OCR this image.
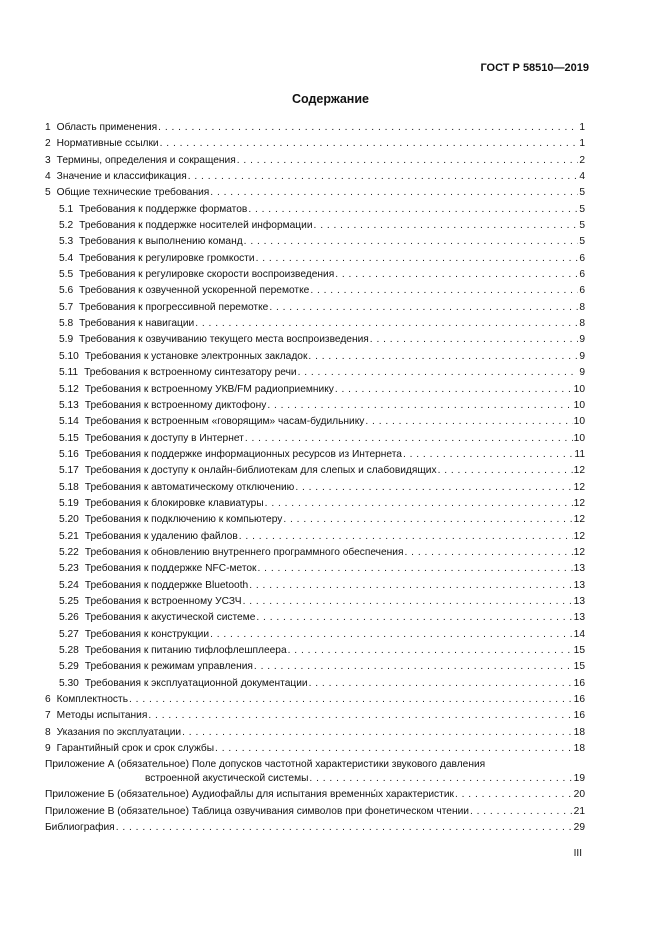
ГОСТ Р 58510—2019
Содержание
1 Область применения . . .	1
2 Нормативные ссылки . . .	1
3 Термины, определения и сокращения . . .	2
4 Значение и классификация . . .	4
5 Общие технические требования . . .	5
5.1 Требования к поддержке форматов . . .	5
5.2 Требования к поддержке носителей информации . . .	5
5.3 Требования к выполнению команд . . .	5
5.4 Требования к регулировке громкости . . .	6
5.5 Требования к регулировке скорости воспроизведения . . .	6
5.6 Требования к озвученной ускоренной перемотке . . .	6
5.7 Требования к прогрессивной перемотке . . .	8
5.8 Требования к навигации . . .	8
5.9 Требования к озвучиванию текущего места воспроизведения . . .	9
5.10 Требования к установке электронных закладок . . .	9
5.11 Требования к встроенному синтезатору речи . . .	9
5.12 Требования к встроенному УКВ/FM радиоприемнику . . .	10
5.13 Требования к встроенному диктофону . . .	10
5.14 Требования к встроенным «говорящим» часам-будильнику . . .	10
5.15 Требования к доступу в Интернет . . .	10
5.16 Требования к поддержке информационных ресурсов из Интернета . . .	11
5.17 Требования к доступу к онлайн-библиотекам для слепых и слабовидящих . . .	12
5.18 Требования к автоматическому отключению . . .	12
5.19 Требования к блокировке клавиатуры . . .	12
5.20 Требования к подключению к компьютеру . . .	12
5.21 Требования к удалению файлов . . .	12
5.22 Требования к обновлению внутреннего программного обеспечения . . .	12
5.23 Требования к поддержке NFC-меток . . .	13
5.24 Требования к поддержке Bluetooth . . .	13
5.25 Требования к встроенному УСЗЧ . . .	13
5.26 Требования к акустической системе . . .	13
5.27 Требования к конструкции . . .	14
5.28 Требования к питанию тифлофлешплеера . . .	15
5.29 Требования к режимам управления . . .	15
5.30 Требования к эксплуатационной документации . . .	16
6 Комплектность . . .	16
7 Методы испытания . . .	16
8 Указания по эксплуатации . . .	18
9 Гарантийный срок и срок службы . . .	18
Приложение А (обязательное) Поле допусков частотной характеристики звукового давления
встроенной акустической системы . . .	19
Приложение Б (обязательное) Аудиофайлы для испытания временны́х характеристик . . .	20
Приложение В (обязательное) Таблица озвучивания символов при фонетическом чтении . . .	21
Библиография . . .	29
III
